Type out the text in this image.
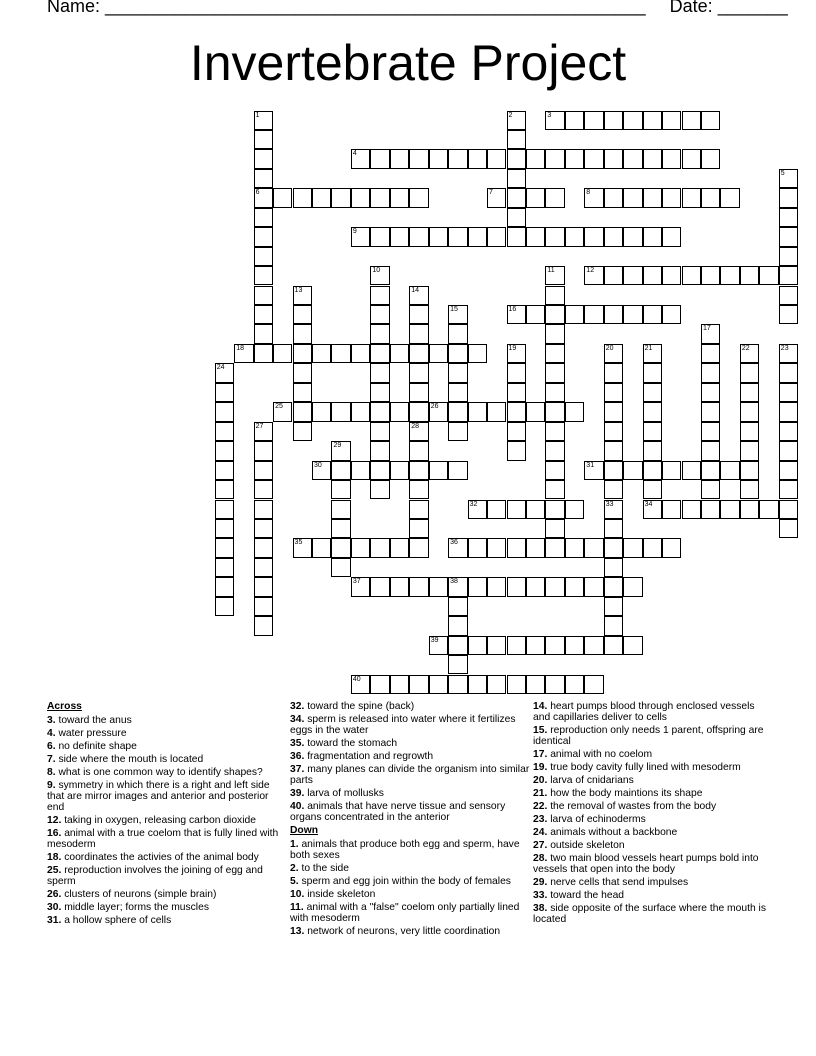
Name: ______________________________________________________ Date: _______
Invertebrate Project
1
6
2	3
4
5
7	8
9
10	11	12
13	14
28
15	16
17
18	19	20
33
21
34
22	23
24
25	26
27
29
30	31
32
35	36
37	38
39
40
Across
3. toward the anus
4. water pressure
6. no definite shape
7. side where the mouth is located
8. what is one common way to identify shapes?
9. symmetry in which there is a right and left side that are mirror images and anterior and posterior end
12. taking in oxygen, releasing carbon dioxide
16. animal with a true coelom that is fully lined with mesoderm
18. coordinates the activies of the animal body
25. reproduction involves the joining of egg and sperm
26. clusters of neurons (simple brain)
30. middle layer; forms the muscles
31. a hollow sphere of cells
32. toward the spine (back)
34. sperm is released into water where it fertilizes eggs in the water
35. toward the stomach
36. fragmentation and regrowth
37. many planes can divide the organism into similar parts
39. larva of mollusks
40. animals that have nerve tissue and sensory organs concentrated in the anterior
Down
1. animals that produce both egg and sperm, have both sexes
2. to the side
5. sperm and egg join within the body of females
10. inside skeleton
11. animal with a "false" coelom only partially lined with mesoderm
13. network of neurons, very little coordination
14. heart pumps blood through enclosed vessels and capillaries deliver to cells
15. reproduction only needs 1 parent, offspring are identical
17. animal with no coelom
19. true body cavity fully lined with mesoderm
20. larva of cnidarians
21. how the body maintions its shape
22. the removal of wastes from the body
23. larva of echinoderms
24. animals without a backbone
27. outside skeleton
28. two main blood vessels heart pumps bold into vessels that open into the body
29. nerve cells that send impulses
33. toward the head
38. side opposite of the surface where the mouth is located
